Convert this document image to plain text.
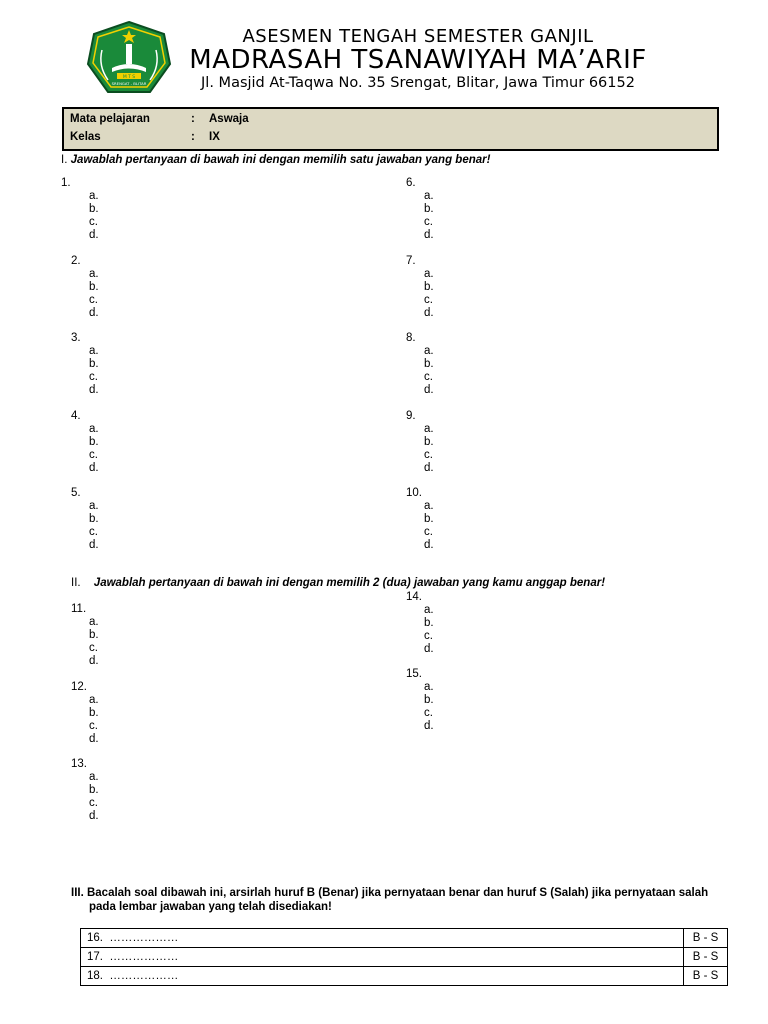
M T S
SRENGAT - BLITAR
ASESMEN TENGAH SEMESTER GANJIL
MADRASAH TSANAWIYAH MA’ARIF
Jl. Masjid At-Taqwa No. 35 Srengat, Blitar, Jawa Timur 66152
Mata pelajaran	: Aswaja
Kelas	: IX
I. Jawablah pertanyaan di bawah ini dengan memilih satu jawaban yang benar!
II. Jawablah pertanyaan di bawah ini dengan memilih 2 (dua) jawaban yang kamu anggap benar!
III. Bacalah soal dibawah ini, arsirlah huruf B (Benar) jika pernyataan benar dan huruf S (Salah) jika pernyataan salah
pada lembar jawaban yang telah disediakan!
1.
a.
b.
c.
d.
2.
a.
b.
c.
d.
3.
a.
b.
c.
d.
4.
a.
b.
c.
d.
5.
a.
b.
c.
d.
6.
a.
b.
c.
d.
7.
a.
b.
c.
d.
8.
a.
b.
c.
d.
9.
a.
b.
c.
d.
10.
a.
b.
c.
d.
11.
a.
b.
c.
d.
12.
a.
b.
c.
d.
13.
a.
b.
c.
d.
14.
a.
b.
c.
d.
15.
a.
b.
c.
d.
16. ………………	B - S
17. ………………	B - S
18. ………………	B - S
